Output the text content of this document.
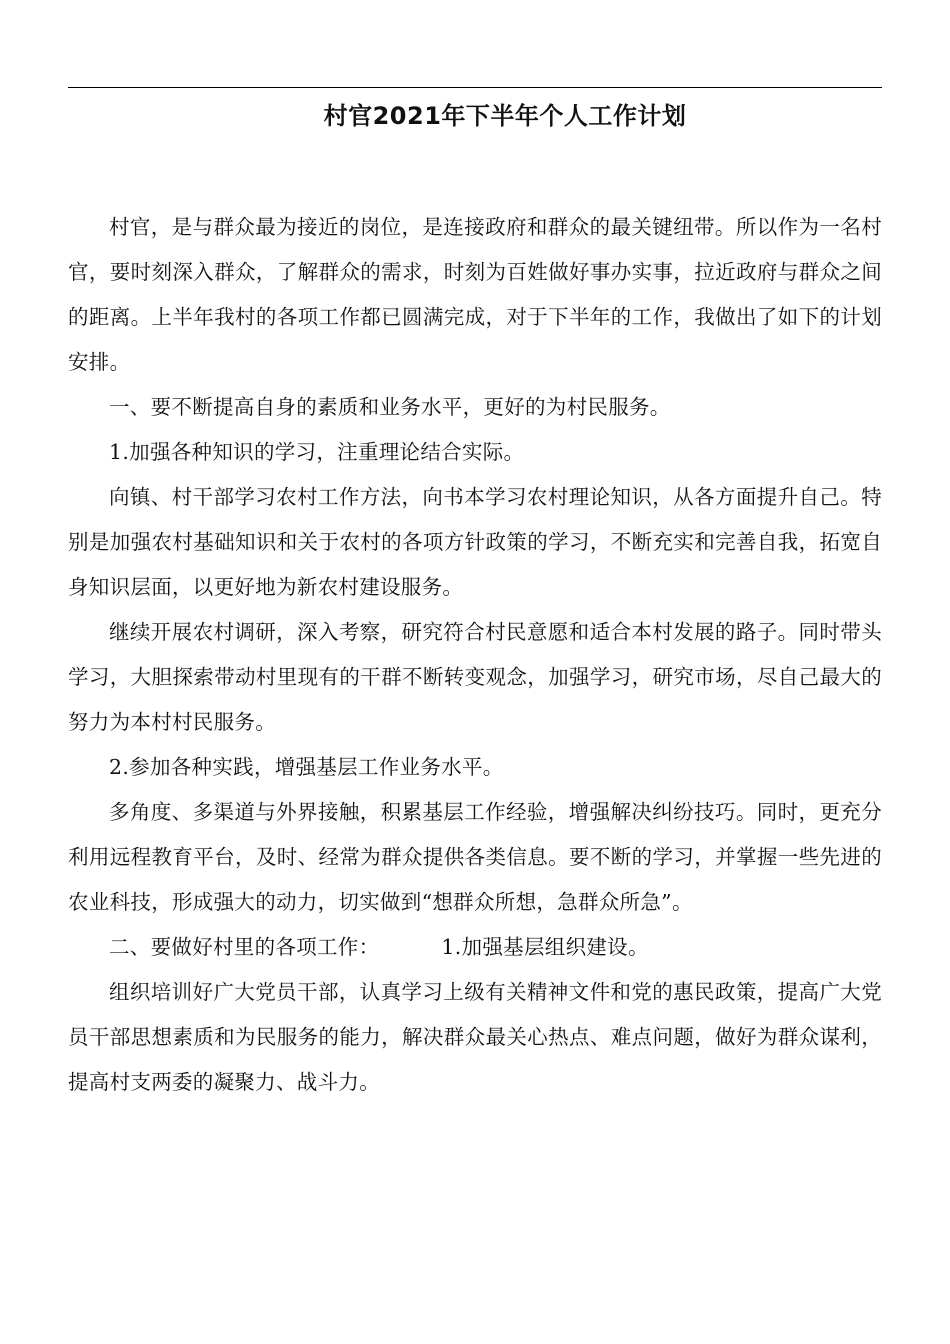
村官2021年下半年个人工作计划

村官，是与群众最为接近的岗位，是连接政府和群众的最关键纽带。所以作为一名村官，要时刻深入群众，了解群众的需求，时刻为百姓做好事办实事，拉近政府与群众之间的距离。上半年我村的各项工作都已圆满完成，对于下半年的工作，我做出了如下的计划安排。

一、要不断提高自身的素质和业务水平，更好的为村民服务。

1.加强各种知识的学习，注重理论结合实际。

向镇、村干部学习农村工作方法，向书本学习农村理论知识，从各方面提升自己。特别是加强农村基础知识和关于农村的各项方针政策的学习，不断充实和完善自我，拓宽自身知识层面，以更好地为新农村建设服务。

继续开展农村调研，深入考察，研究符合村民意愿和适合本村发展的路子。同时带头学习，大胆探索带动村里现有的干群不断转变观念，加强学习，研究市场，尽自己最大的努力为本村村民服务。

2.参加各种实践，增强基层工作业务水平。

多角度、多渠道与外界接触，积累基层工作经验，增强解决纠纷技巧。同时，更充分利用远程教育平台，及时、经常为群众提供各类信息。要不断的学习，并掌握一些先进的农业科技，形成强大的动力，切实做到“想群众所想，急群众所急”。

二、要做好村里的各项工作：	1.加强基层组织建设。

组织培训好广大党员干部，认真学习上级有关精神文件和党的惠民政策，提高广大党员干部思想素质和为民服务的能力，解决群众最关心热点、难点问题，做好为群众谋利，提高村支两委的凝聚力、战斗力。
